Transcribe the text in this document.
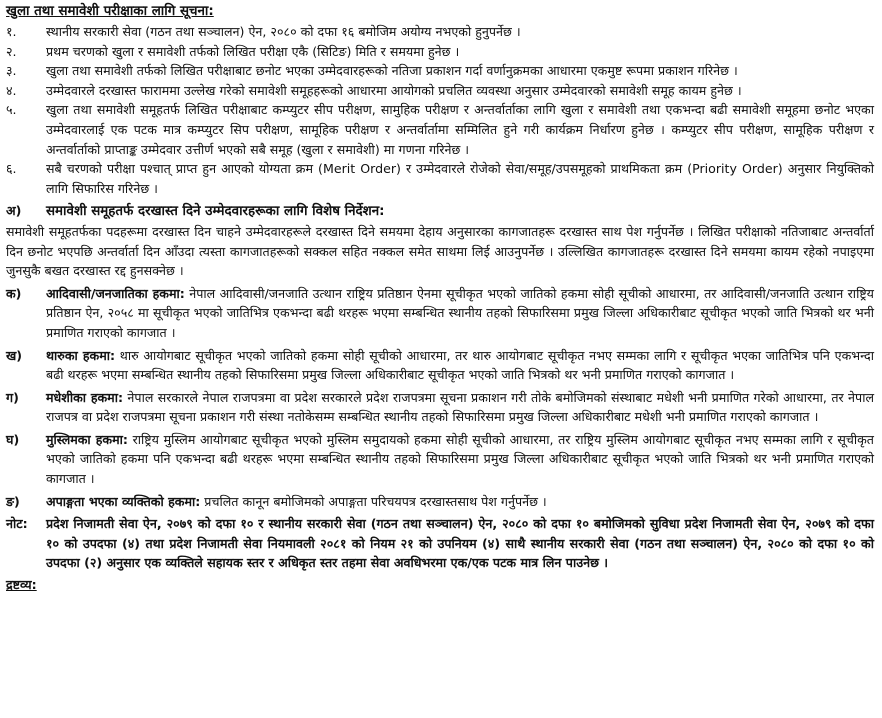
खुला तथा समावेशी परीक्षाका लागि सूचना:
१.	स्थानीय सरकारी सेवा (गठन तथा सञ्चालन) ऐन, २०८० को दफा १६ बमोजिम अयोग्य नभएको हुनुपर्नेछ ।
२.	प्रथम चरणको खुला र समावेशी तर्फको लिखित परीक्षा एकै (सिटिङ) मिति र समयमा हुनेछ ।
३.	खुला तथा समावेशी तर्फको लिखित परीक्षाबाट छनोट भएका उम्मेदवारहरूको नतिजा प्रकाशन गर्दा वर्णानुक्रमका आधारमा एकमुष्ट रूपमा प्रकाशन गरिनेछ ।
४.	उम्मेदवारले दरखास्त फाराममा उल्लेख गरेको समावेशी समूहहरूको आधारमा आयोगको प्रचलित व्यवस्था अनुसार उम्मेदवारको समावेशी समूह कायम हुनेछ ।
५.	खुला तथा समावेशी समूहतर्फ लिखित परीक्षाबाट कम्प्युटर सीप परीक्षण, सामुहिक परीक्षण र अन्तर्वार्ताका लागि खुला र समावेशी तथा एकभन्दा बढी समावेशी समूहमा छनोट भएका उम्मेदवारलाई एक पटक मात्र कम्प्युटर सिप परीक्षण, सामूहिक परीक्षण र अन्तर्वार्तामा सम्मिलित हुने गरी कार्यक्रम निर्धारण हुनेछ । कम्प्युटर सीप परीक्षण, सामूहिक परीक्षण र अन्तर्वार्ताको प्राप्ताङ्क उम्मेदवार उत्तीर्ण भएको सबै समूह (खुला र समावेशी) मा गणना गरिनेछ ।
६.	सबै चरणको परीक्षा पश्चात् प्राप्त हुन आएको योग्यता क्रम (Merit Order) र उम्मेदवारले रोजेको सेवा/समूह/उपसमूहको प्राथमिकता क्रम (Priority Order) अनुसार नियुक्तिको लागि सिफारिस गरिनेछ ।
अ)	समावेशी समूहतर्फ दरखास्त दिने उम्मेदवारहरूका लागि विशेष निर्देशन:
समावेशी समूहतर्फका पदहरूमा दरखास्त दिन चाहने उम्मेदवारहरूले दरखास्त दिने समयमा देहाय अनुसारका कागजातहरू दरखास्त साथ पेश गर्नुपर्नेछ । लिखित परीक्षाको नतिजाबाट अन्तर्वार्ता दिन छनोट भएपछि अन्तर्वार्ता दिन आँउदा त्यस्ता कागजातहरूको सक्कल सहित नक्कल समेत साथमा लिई आउनुपर्नेछ । उल्लिखित कागजातहरू दरखास्त दिने समयमा कायम रहेको नपाइएमा जुनसुकै बखत दरखास्त रद्द हुनसक्नेछ ।
क)	आदिवासी/जनजातिका हकमा: नेपाल आदिवासी/जनजाति उत्थान राष्ट्रिय प्रतिष्ठान ऐनमा सूचीकृत भएको जातिको हकमा सोही सूचीको आधारमा, तर आदिवासी/जनजाति उत्थान राष्ट्रिय प्रतिष्ठान ऐन, २०५८ मा सूचीकृत भएको जातिभित्र एकभन्दा बढी थरहरू भएमा सम्बन्धित स्थानीय तहको सिफारिसमा प्रमुख जिल्ला अधिकारीबाट सूचीकृत भएको जाति भित्रको थर भनी प्रमाणित गराएको कागजात ।
ख)	थारुका हकमा: थारु आयोगबाट सूचीकृत भएको जातिको हकमा सोही सूचीको आधारमा, तर थारु आयोगबाट सूचीकृत नभए सम्मका लागि र सूचीकृत भएका जातिभित्र पनि एकभन्दा बढी थरहरू भएमा सम्बन्धित स्थानीय तहको सिफारिसमा प्रमुख जिल्ला अधिकारीबाट सूचीकृत भएको जाति भित्रको थर भनी प्रमाणित गराएको कागजात ।
ग)	मधेशीका हकमा: नेपाल सरकारले नेपाल राजपत्रमा वा प्रदेश सरकारले प्रदेश राजपत्रमा सूचना प्रकाशन गरी तोके बमोजिमको संस्थाबाट मधेशी भनी प्रमाणित गरेको आधारमा, तर नेपाल राजपत्र वा प्रदेश राजपत्रमा सूचना प्रकाशन गरी संस्था नतोकेसम्म सम्बन्धित स्थानीय तहको सिफारिसमा प्रमुख जिल्ला अधिकारीबाट मधेशी भनी प्रमाणित गराएको कागजात ।
घ)	मुस्लिमका हकमा: राष्ट्रिय मुस्लिम आयोगबाट सूचीकृत भएको मुस्लिम समुदायको हकमा सोही सूचीको आधारमा, तर राष्ट्रिय मुस्लिम आयोगबाट सूचीकृत नभए सम्मका लागि र सूचीकृत भएको जातिको हकमा पनि एकभन्दा बढी थरहरू भएमा सम्बन्धित स्थानीय तहको सिफारिसमा प्रमुख जिल्ला अधिकारीबाट सूचीकृत भएको जाति भित्रको थर भनी प्रमाणित गराएको कागजात ।
ङ)	अपाङ्गता भएका व्यक्तिको हकमा: प्रचलित कानून बमोजिमको अपाङ्गता परिचयपत्र दरखास्तसाथ पेश गर्नुपर्नेछ ।
नोट:	प्रदेश निजामती सेवा ऐन, २०७९ को दफा १० र स्थानीय सरकारी सेवा (गठन तथा सञ्चालन) ऐन, २०८० को दफा १० बमोजिमको सुविधा प्रदेश निजामती सेवा ऐन, २०७९ को दफा १० को उपदफा (४) तथा प्रदेश निजामती सेवा नियमावली २०८१ को नियम २१ को उपनियम (४) साथै स्थानीय सरकारी सेवा (गठन तथा सञ्चालन) ऐन, २०८० को दफा १० को उपदफा (२) अनुसार एक व्यक्तिले सहायक स्तर र अधिकृत स्तर तहमा सेवा अवधिभरमा एक/एक पटक मात्र लिन पाउनेछ ।
द्रष्टव्य:
